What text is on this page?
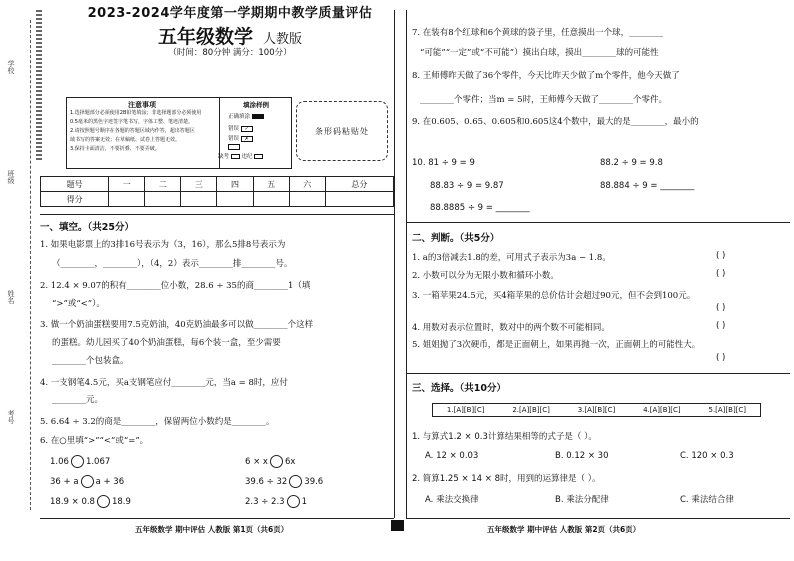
学校
班级
姓名
考号
2023-2024学年度第一学期期中教学质量评估
五年级数学 人教版
（时间：80分钟 满分：100分）
注意事项
1.选择题部分必须使用2B铅笔填涂；非选择题部分必须使用
0.5毫米的黑色字迹签字笔书写，字体工整、笔迹清楚。
2.请按照题号顺序在各题的答题区域内作答，超出答题区
域书写的答案无效；在草稿纸、试卷上答题无效。
3.保持卡面清洁，不要折叠、不要弄破。
填涂样例
正确填涂
错误 ✓
错误 ✗
缺考 违纪
条形码粘贴处
题号	一	二	三	四	五	六	总分
得分							
一、填空。（共25分）
1. 如果电影票上的3排16号表示为（3，16），那么5排8号表示为
（________，________），（4，2）表示________排________号。
2. 12.4 × 9.07的积有________位小数，28.6 ÷ 35的商________1（填
“>”或“<”）。
3. 做一个奶油蛋糕要用7.5克奶油，40克奶油最多可以做________个这样
的蛋糕。幼儿园买了40个奶油蛋糕，每6个装一盒，至少需要
________个包装盒。
4. 一支钢笔4.5元，买a支钢笔应付________元，当a = 8时，应付
________元。
5. 6.64 ÷ 3.2的商是________，保留两位小数约是________。
6. 在○里填“>”“<”或“=”。
1.06 1.067	6 × x 6x
36 + a a + 36	39.6 ÷ 32 39.6
18.9 × 0.8 18.9	2.3 ÷ 2.3 1
五年级数学 期中评估 人教版 第1页（共6页）
7. 在装有8个红球和6个黄球的袋子里，任意摸出一个球，________
“可能”“一定”或“不可能”）摸出白球，摸出________球的可能性
8. 王师傅昨天做了36个零件，今天比昨天少做了m个零件，他今天做了
________个零件；当m = 5时，王师傅今天做了________个零件。
9. 在0.605、0.65、0.605和0.605这4个数中，最大的是________，最小的
10. 81 ÷ 9 = 9	88.2 ÷ 9 = 9.8
88.83 ÷ 9 = 9.87	88.884 ÷ 9 = ________
88.8885 ÷ 9 = ________
二、判断。（共5分）
1. a的3倍减去1.8的差，可用式子表示为3a − 1.8。	( )
2. 小数可以分为无限小数和循环小数。	( )
3. 一箱苹果24.5元，买4箱苹果的总价估计会超过90元，但不会到100元。
( )
4. 用数对表示位置时，数对中的两个数不可能相同。	( )
5. 姐姐抛了3次硬币，都是正面朝上，如果再抛一次，正面朝上的可能性大。
( )
三、选择。（共10分）
1.[A][B][C]	2.[A][B][C]	3.[A][B][C]	4.[A][B][C]	5.[A][B][C]
1. 与算式1.2 × 0.3计算结果相等的式子是（ ）。
A. 12 × 0.03	B. 0.12 × 30	C. 120 × 0.3
2. 简算1.25 × 14 × 8时，用到的运算律是（ ）。
A. 乘法交换律	B. 乘法分配律	C. 乘法结合律
五年级数学 期中评估 人教版 第2页（共6页）
